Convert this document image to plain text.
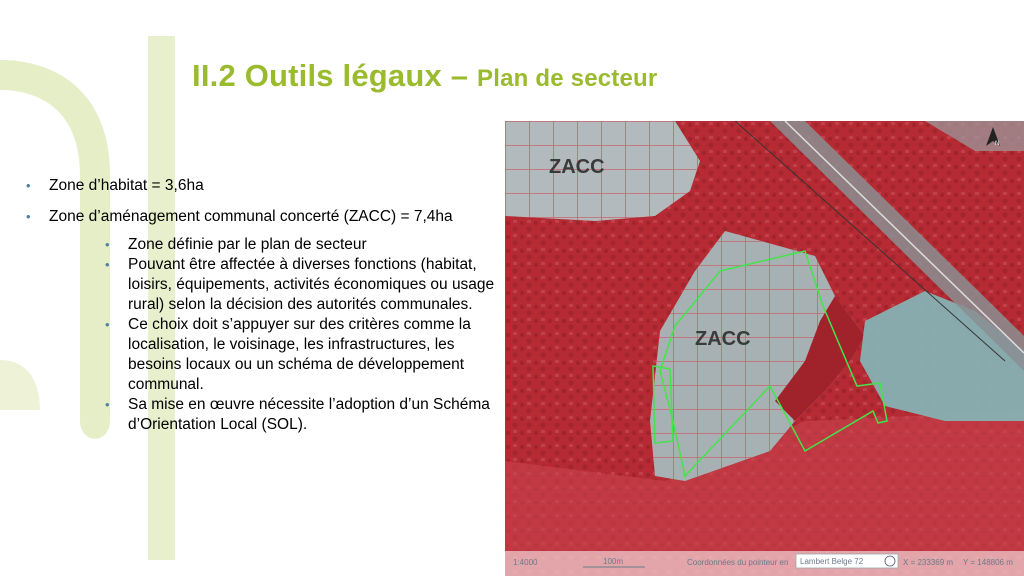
II.2 Outils légaux – Plan de secteur
• Zone d’habitat = 3,6ha
• Zone d’aménagement communal concerté (ZACC) = 7,4ha
• Zone définie par le plan de secteur
• Pouvant être affectée à diverses fonctions (habitat, loisirs, équipements, activités économiques ou usage rural) selon la décision des autorités communales.
• Ce choix doit s’appuyer sur des critères comme la localisation, le voisinage, les infrastructures, les besoins locaux ou un schéma de développement communal.
• Sa mise en œuvre nécessite l’adoption d’un Schéma d’Orientation Local (SOL).
ZACC
ZACC
N
1:4000	100m	Coordonnées du pointeur en Lambert Belge 72	X = 233369 m Y = 148806 m
